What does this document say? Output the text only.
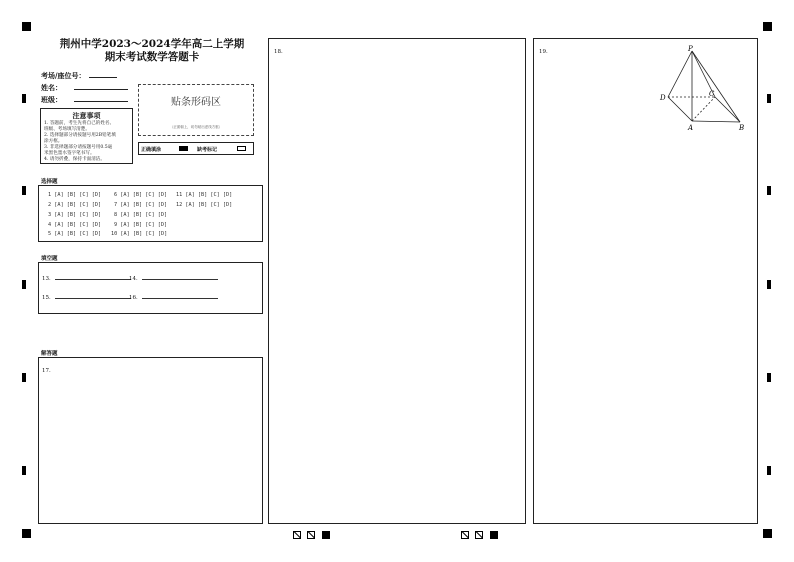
荆州中学2023～2024学年高二上学期
期末考试数学答题卡
考场/座位号：
姓名：
班级：	贴条形码区
（正面朝上，切勿贴出虚线方框）
注意事项

1. 答题前，考生先将自己的姓名、

班级、考场填写清楚。

2. 选择题部分请按题号用2B铅笔填

涂方框。

3. 非选择题部分请按题号用0.5毫

米黑色墨水签字笔书写。

4. 请勿折叠，保持卡面清洁。

正确填涂	缺考标记
选择题
1 [A] [B] [C] [D] 6 [A] [B] [C] [D] 11 [A] [B] [C] [D]
2 [A] [B] [C] [D] 7 [A] [B] [C] [D] 12 [A] [B] [C] [D]
3 [A] [B] [C] [D] 8 [A] [B] [C] [D]
4 [A] [B] [C] [D] 9 [A] [B] [C] [D]
5 [A] [B] [C] [D] 10 [A] [B] [C] [D]
填空题
13．	14．
15．	16．
解答题
17.
18.	19.	P
D	C
A	B
